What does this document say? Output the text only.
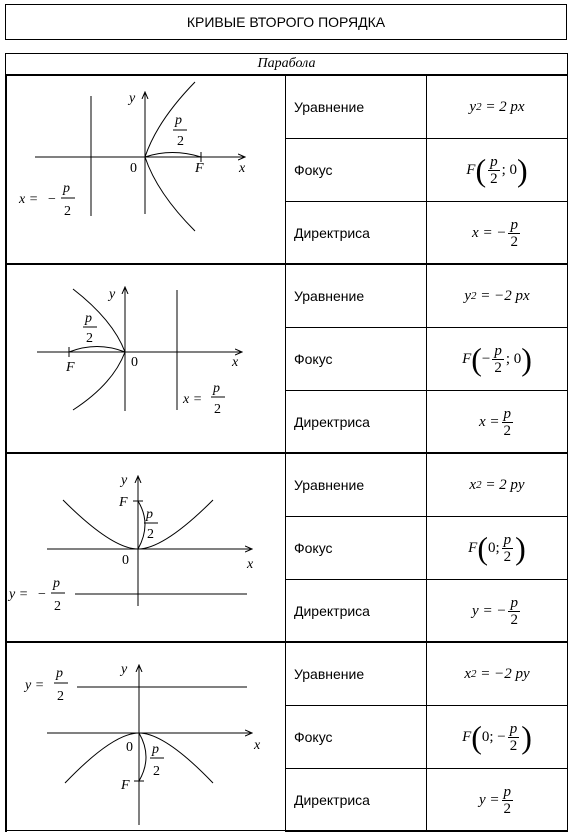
КРИВЫЕ ВТОРОГО ПОРЯДКА
Парабола
y
x
0	F
p
2
x = −
p
2
Уравнение	y 2
= 2 px
Фокус	F ( p
2
; 0 )
Директриса	x
= − $\frac{p}{2}$
y
x
0
F
p
2
x =
p
2
Уравнение	y 2
= −2 px
Фокус	F ( − $\frac{p}{2}$ ; 0 )
Директриса	x
= $\frac{p}{2}$
y
x
0
F
p
2
y = −
p
2
Уравнение	x 2
= 2 py
Фокус	F ( 0; p
2 )
Директриса	y
= − $\frac{p}{2}$
y
x
0
F
p
2
y =
p
2
Уравнение	x 2
= −2 py
Фокус	F ( 0; − $\frac{p}{2}$ )
Директриса	y
= $\frac{p}{2}$
